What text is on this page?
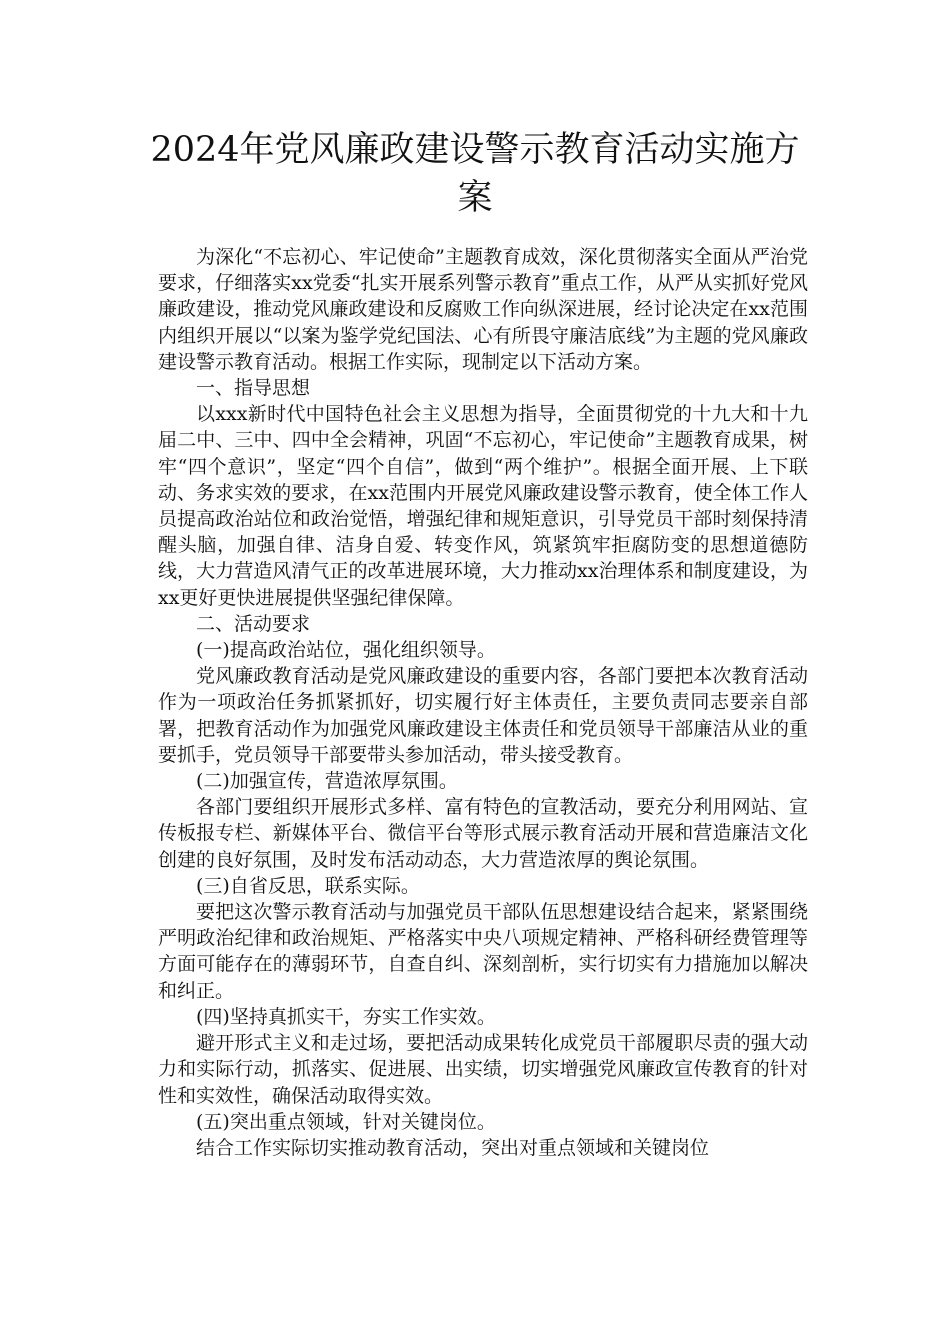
2024年党风廉政建设警示教育活动实施方案

为深化“不忘初心、牢记使命”主题教育成效，深化贯彻落实全面从严治党要求，仔细落实xx党委“扎实开展系列警示教育”重点工作，从严从实抓好党风廉政建设，推动党风廉政建设和反腐败工作向纵深进展，经讨论决定在xx范围内组织开展以“以案为鉴学党纪国法、心有所畏守廉洁底线”为主题的党风廉政建设警示教育活动。根据工作实际，现制定以下活动方案。

一、指导思想

以xxx新时代中国特色社会主义思想为指导，全面贯彻党的十九大和十九届二中、三中、四中全会精神，巩固“不忘初心，牢记使命”主题教育成果，树牢“四个意识”，坚定“四个自信”，做到“两个维护”。根据全面开展、上下联动、务求实效的要求，在xx范围内开展党风廉政建设警示教育，使全体工作人员提高政治站位和政治觉悟，增强纪律和规矩意识，引导党员干部时刻保持清醒头脑，加强自律、洁身自爱、转变作风，筑紧筑牢拒腐防变的思想道德防线，大力营造风清气正的改革进展环境，大力推动xx治理体系和制度建设，为xx更好更快进展提供坚强纪律保障。

二、活动要求

(一)提高政治站位，强化组织领导。

党风廉政教育活动是党风廉政建设的重要内容，各部门要把本次教育活动作为一项政治任务抓紧抓好，切实履行好主体责任，主要负责同志要亲自部署，把教育活动作为加强党风廉政建设主体责任和党员领导干部廉洁从业的重要抓手，党员领导干部要带头参加活动，带头接受教育。

(二)加强宣传，营造浓厚氛围。

各部门要组织开展形式多样、富有特色的宣教活动，要充分利用网站、宣传板报专栏、新媒体平台、微信平台等形式展示教育活动开展和营造廉洁文化创建的良好氛围，及时发布活动动态，大力营造浓厚的舆论氛围。

(三)自省反思，联系实际。

要把这次警示教育活动与加强党员干部队伍思想建设结合起来，紧紧围绕严明政治纪律和政治规矩、严格落实中央八项规定精神、严格科研经费管理等方面可能存在的薄弱环节，自查自纠、深刻剖析，实行切实有力措施加以解决和纠正。

(四)坚持真抓实干，夯实工作实效。

避开形式主义和走过场，要把活动成果转化成党员干部履职尽责的强大动力和实际行动，抓落实、促进展、出实绩，切实增强党风廉政宣传教育的针对性和实效性，确保活动取得实效。

(五)突出重点领域，针对关键岗位。

结合工作实际切实推动教育活动，突出对重点领域和关键岗位
